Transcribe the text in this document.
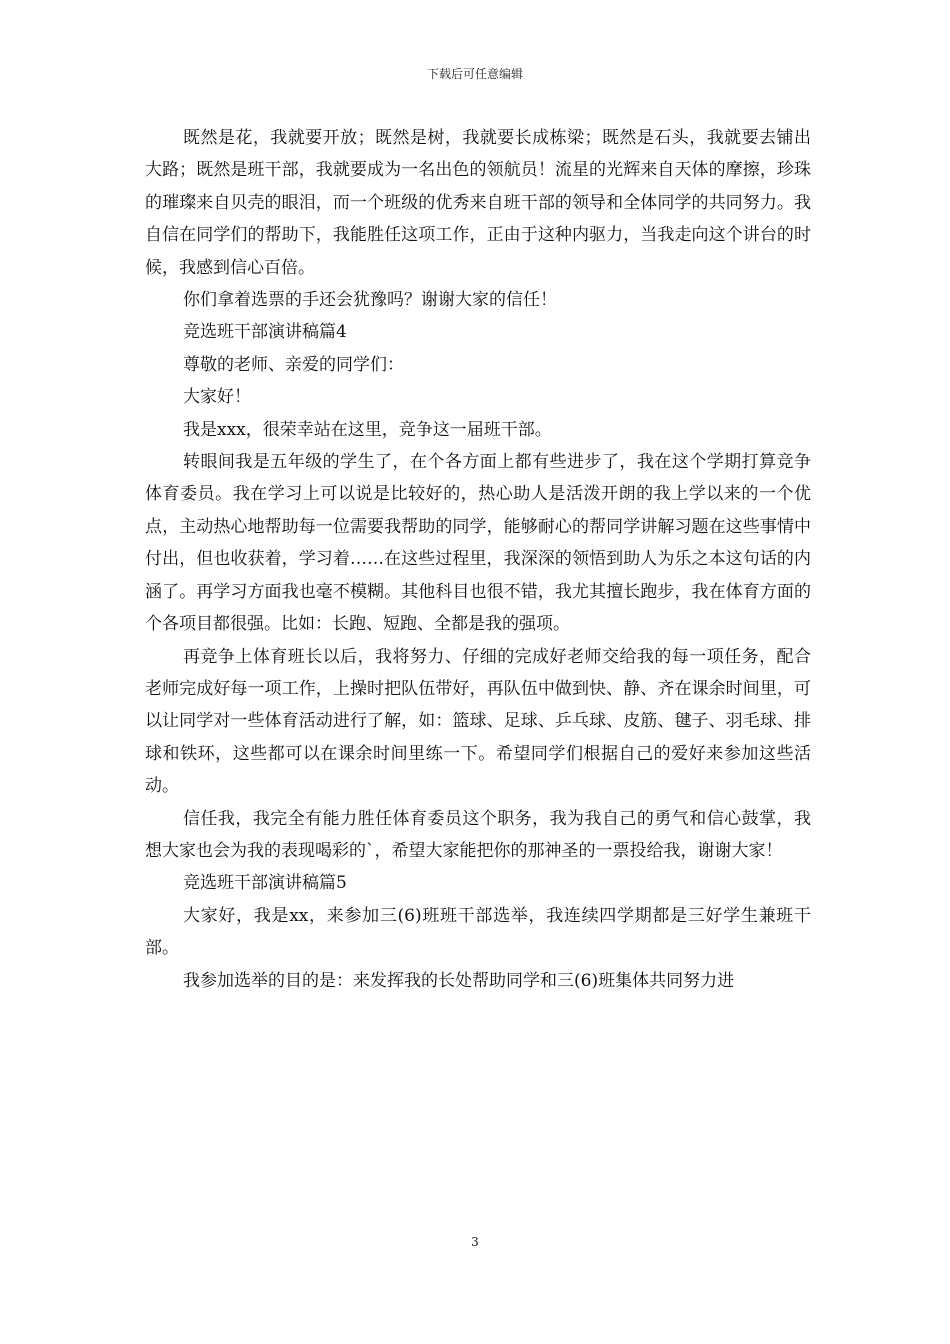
下载后可任意编辑

既然是花，我就要开放；既然是树，我就要长成栋梁；既然是石头，我就要去铺出大路；既然是班干部，我就要成为一名出色的领航员！流星的光辉来自天体的摩擦，珍珠的璀璨来自贝壳的眼泪，而一个班级的优秀来自班干部的领导和全体同学的共同努力。我自信在同学们的帮助下，我能胜任这项工作，正由于这种内驱力，当我走向这个讲台的时候，我感到信心百倍。

你们拿着选票的手还会犹豫吗？谢谢大家的信任！

竞选班干部演讲稿篇4

尊敬的老师、亲爱的同学们：

大家好！

我是xxx，很荣幸站在这里，竞争这一届班干部。

转眼间我是五年级的学生了，在个各方面上都有些进步了，我在这个学期打算竞争体育委员。我在学习上可以说是比较好的，热心助人是活泼开朗的我上学以来的一个优点，主动热心地帮助每一位需要我帮助的同学，能够耐心的帮同学讲解习题在这些事情中付出，但也收获着，学习着……在这些过程里，我深深的领悟到助人为乐之本这句话的内涵了。再学习方面我也毫不模糊。其他科目也很不错，我尤其擅长跑步，我在体育方面的个各项目都很强。比如：长跑、短跑、全都是我的强项。

再竞争上体育班长以后，我将努力、仔细的完成好老师交给我的每一项任务，配合老师完成好每一项工作，上操时把队伍带好，再队伍中做到快、静、齐在课余时间里，可以让同学对一些体育活动进行了解，如：篮球、足球、乒乓球、皮筋、毽子、羽毛球、排球和铁环，这些都可以在课余时间里练一下。希望同学们根据自己的爱好来参加这些活动。

信任我，我完全有能力胜任体育委员这个职务，我为我自己的勇气和信心鼓掌，我想大家也会为我的表现喝彩的`，希望大家能把你的那神圣的一票投给我，谢谢大家！

竞选班干部演讲稿篇5

大家好，我是xx，来参加三(6)班班干部选举，我连续四学期都是三好学生兼班干部。

我参加选举的目的是：来发挥我的长处帮助同学和三(6)班集体共同努力进

3
